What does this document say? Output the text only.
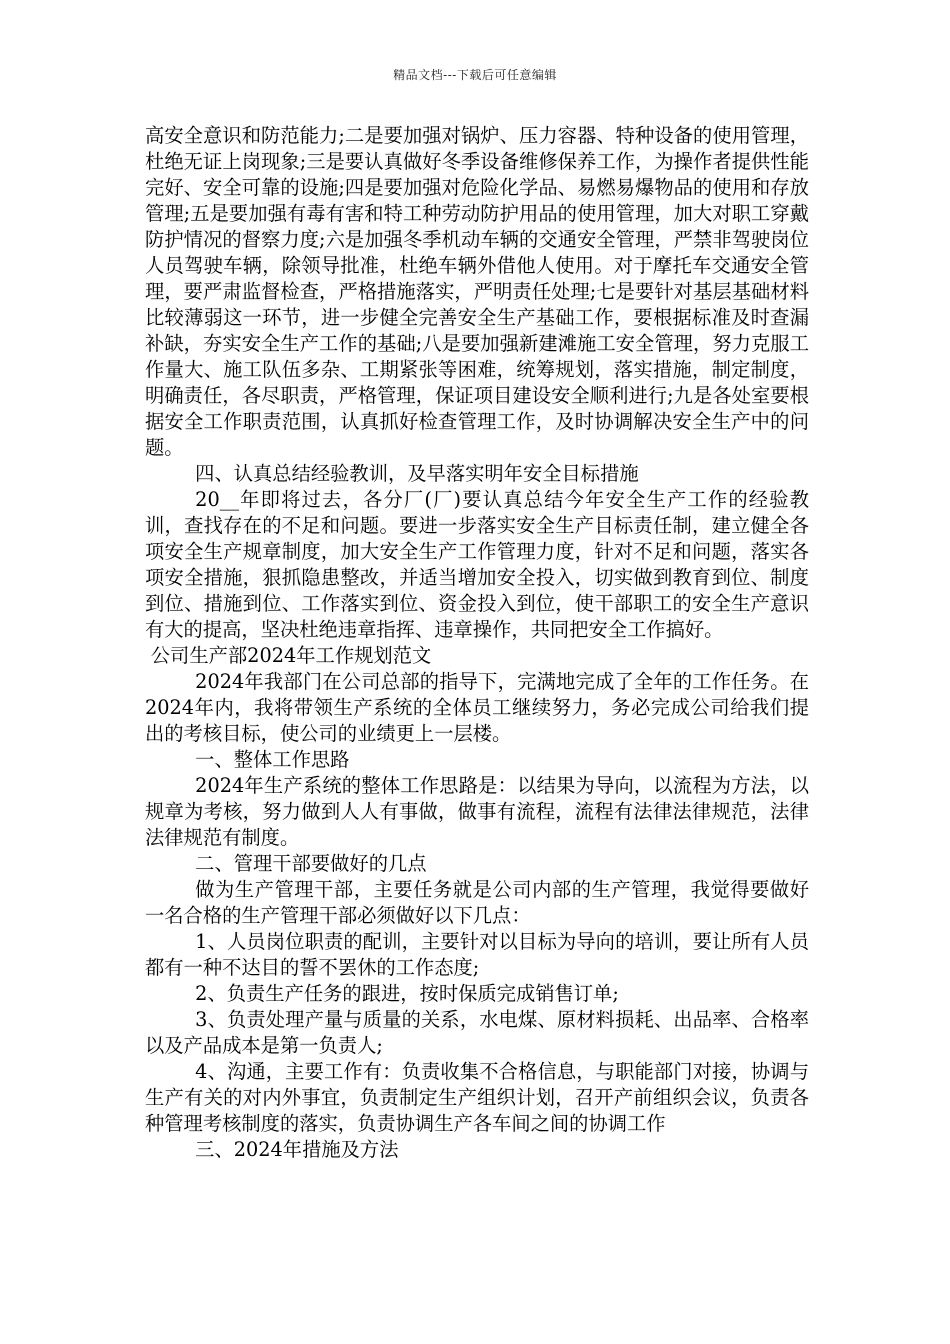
精品文档---下载后可任意编辑

高安全意识和防范能力;二是要加强对锅炉、压力容器、特种设备的使用管理，杜绝无证上岗现象;三是要认真做好冬季设备维修保养工作，为操作者提供性能完好、安全可靠的设施;四是要加强对危险化学品、易燃易爆物品的使用和存放管理;五是要加强有毒有害和特工种劳动防护用品的使用管理，加大对职工穿戴防护情况的督察力度;六是加强冬季机动车辆的交通安全管理，严禁非驾驶岗位人员驾驶车辆，除领导批准，杜绝车辆外借他人使用。对于摩托车交通安全管理，要严肃监督检查，严格措施落实，严明责任处理;七是要针对基层基础材料比较薄弱这一环节，进一步健全完善安全生产基础工作，要根据标准及时查漏补缺，夯实安全生产工作的基础;八是要加强新建滩施工安全管理，努力克服工作量大、施工队伍多杂、工期紧张等困难，统筹规划，落实措施，制定制度，明确责任，各尽职责，严格管理，保证项目建设安全顺利进行;九是各处室要根据安全工作职责范围，认真抓好检查管理工作，及时协调解决安全生产中的问题。

四、认真总结经验教训，及早落实明年安全目标措施

20__年即将过去，各分厂(厂)要认真总结今年安全生产工作的经验教训，查找存在的不足和问题。要进一步落实安全生产目标责任制，建立健全各项安全生产规章制度，加大安全生产工作管理力度，针对不足和问题，落实各项安全措施，狠抓隐患整改，并适当增加安全投入，切实做到教育到位、制度到位、措施到位、工作落实到位、资金投入到位，使干部职工的安全生产意识有大的提高，坚决杜绝违章指挥、违章操作，共同把安全工作搞好。

公司生产部2024年工作规划范文

2024年我部门在公司总部的指导下，完满地完成了全年的工作任务。在2024年内，我将带领生产系统的全体员工继续努力，务必完成公司给我们提出的考核目标，使公司的业绩更上一层楼。

一、整体工作思路

2024年生产系统的整体工作思路是：以结果为导向，以流程为方法，以规章为考核，努力做到人人有事做，做事有流程，流程有法律法律规范，法律法律规范有制度。

二、管理干部要做好的几点

做为生产管理干部，主要任务就是公司内部的生产管理，我觉得要做好一名合格的生产管理干部必须做好以下几点：

1、人员岗位职责的配训，主要针对以目标为导向的培训，要让所有人员都有一种不达目的誓不罢休的工作态度;

2、负责生产任务的跟进，按时保质完成销售订单;

3、负责处理产量与质量的关系，水电煤、原材料损耗、出品率、合格率以及产品成本是第一负责人;

4、沟通，主要工作有：负责收集不合格信息，与职能部门对接，协调与生产有关的对内外事宜，负责制定生产组织计划，召开产前组织会议，负责各种管理考核制度的落实，负责协调生产各车间之间的协调工作

三、2024年措施及方法
